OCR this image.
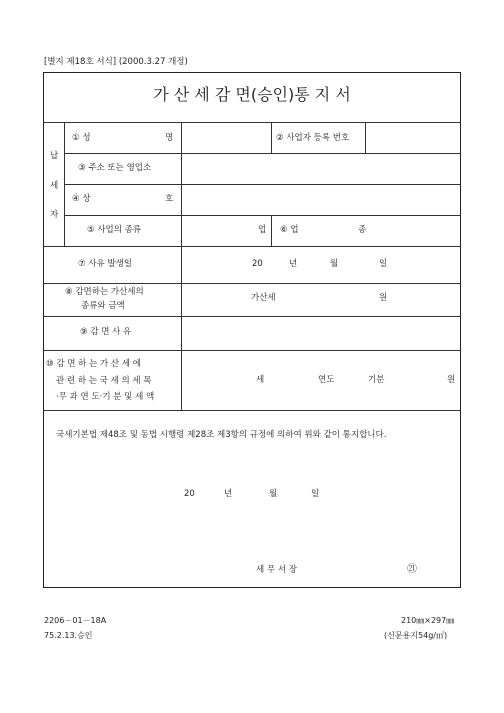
[별지 제18호 서식] (2000.3.27 개정)
가 산 세 감 면(승인)통 지 서
납
세
자
① 성	명	② 사업자 등록 번호
③ 주소 또는 영업소
④ 상	호
⑤ 사업의 종류	업 ⑥ 업	종
⑦ 사유 발생일	20	년	월	일
⑧ 감면하는 가산세의
종류와 금액
가산세	원
⑨ 감 면 사 유
⑩ 감 면 하 는 가 산 세 에
관 련 하 는 국 세 의 세 목
·무 과 연 도·기 분 및 세 액
세	연도	기분	원
국세기본법 제48조 및 동법 시행령 제28조 제3항의 규정에 의하여 위와 같이 통지합니다.
20	년	월	일
세 무 서 장	㉑
2206－01－18A
75.2.13.승인
210㎜×297㎜
(신문용지54g/㎡)
